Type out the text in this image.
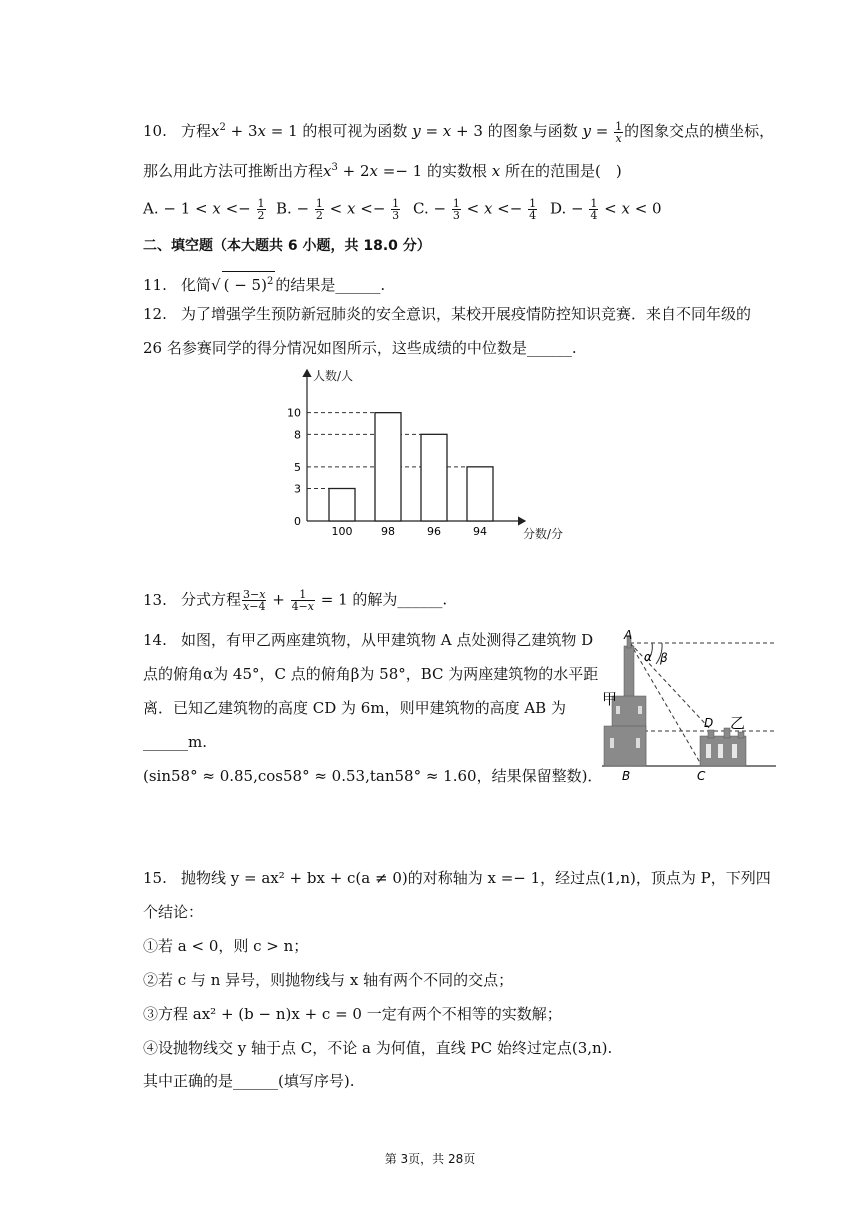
10. 方程$x^2 + 3x = 1$ 的根可视为函数 y = x + 3 的图象与函数 $y = \frac{1}{x}$ 的图象交点的横坐标，
那么用此方法可推断出方程$x^3 + 2x =- 1$ 的实数根 x 所在的范围是(　)
A. − $1 < x <- \frac{1}{2} B$. − $\frac{1}{2} < x <- \frac{1}{3} C$. − $\frac{1}{3} < x <- \frac{1}{4} D$. − $\frac{1}{4} < x < 0$
二、填空题（本大题共 6 小题，共 18.0 分）
11. 化简√ ( − 5)$^2$ 的结果是______.
12. 为了增强学生预防新冠肺炎的安全意识，某校开展疫情防控知识竞赛．来自不同年级的
26 名参赛同学的得分情况如图所示，这些成绩的中位数是______.
人数/人
分数/分
0
3
5
8
10
100	98	96	94
13. 分式方程 $\frac{3-x}{x-4} + \frac{1}{4-x} = 1$ 的解为______.
14. 如图，有甲乙两座建筑物，从甲建筑物 A 点处测得乙建筑物 D
点的俯角α为 45°，C 点的俯角β为 58°，BC 为两座建筑物的水平距
离．已知乙建筑物的高度 CD 为 6m，则甲建筑物的高度 AB 为
______m.
(sin58° ≈ 0.85,cos58° ≈ 0.53,tan58° ≈ 1.60，结果保留整数)．
A
α β
甲
D 乙
B	C
15. 抛物线 y = ax² + bx + c(a ≠ 0)的对称轴为 x =− 1，经过点(1,n)，顶点为 P，下列四
个结论：
①若 a < 0，则 c > n；
②若 c 与 n 异号，则抛物线与 x 轴有两个不同的交点；
③方程 ax² + (b − n)x + c = 0 一定有两个不相等的实数解；
④设抛物线交 y 轴于点 C，不论 a 为何值，直线 PC 始终过定点(3,n).
其中正确的是______(填写序号).
第 3页，共 28页
